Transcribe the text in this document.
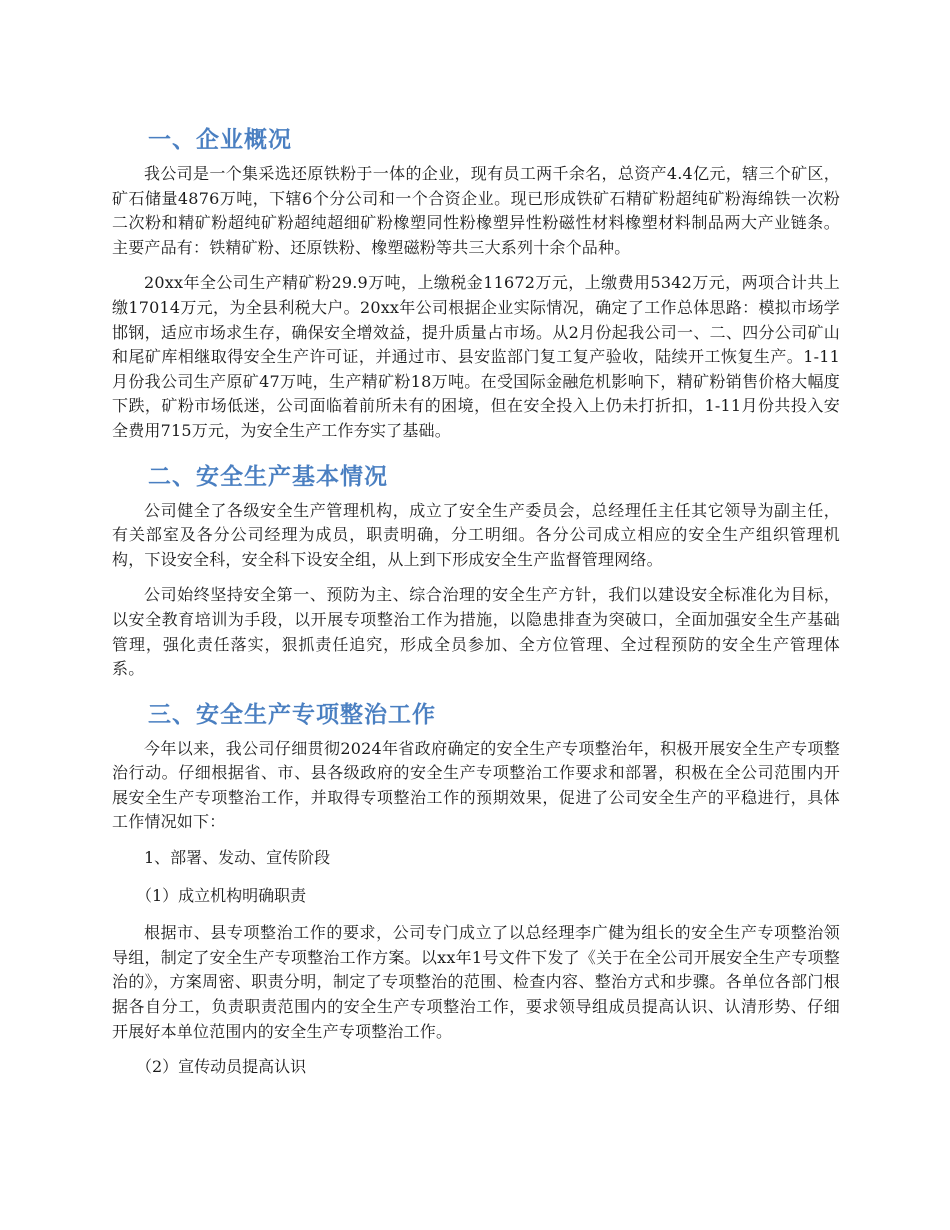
一、企业概况

我公司是一个集采选还原铁粉于一体的企业，现有员工两千余名，总资产4.4亿元，辖三个矿区，矿石储量4876万吨，下辖6个分公司和一个合资企业。现已形成铁矿石精矿粉超纯矿粉海绵铁一次粉二次粉和精矿粉超纯矿粉超纯超细矿粉橡塑同性粉橡塑异性粉磁性材料橡塑材料制品两大产业链条。主要产品有：铁精矿粉、还原铁粉、橡塑磁粉等共三大系列十余个品种。

20xx年全公司生产精矿粉29.9万吨，上缴税金11672万元，上缴费用5342万元，两项合计共上缴17014万元，为全县利税大户。20xx年公司根据企业实际情况，确定了工作总体思路：模拟市场学邯钢，适应市场求生存，确保安全增效益，提升质量占市场。从2月份起我公司一、二、四分公司矿山和尾矿库相继取得安全生产许可证，并通过市、县安监部门复工复产验收，陆续开工恢复生产。1-11月份我公司生产原矿47万吨，生产精矿粉18万吨。在受国际金融危机影响下，精矿粉销售价格大幅度下跌，矿粉市场低迷，公司面临着前所未有的困境，但在安全投入上仍未打折扣，1-11月份共投入安全费用715万元，为安全生产工作夯实了基础。

二、安全生产基本情况

公司健全了各级安全生产管理机构，成立了安全生产委员会，总经理任主任其它领导为副主任，有关部室及各分公司经理为成员，职责明确，分工明细。各分公司成立相应的安全生产组织管理机构，下设安全科，安全科下设安全组，从上到下形成安全生产监督管理网络。

公司始终坚持安全第一、预防为主、综合治理的安全生产方针，我们以建设安全标准化为目标，以安全教育培训为手段，以开展专项整治工作为措施，以隐患排查为突破口，全面加强安全生产基础管理，强化责任落实，狠抓责任追究，形成全员参加、全方位管理、全过程预防的安全生产管理体系。

三、安全生产专项整治工作

今年以来，我公司仔细贯彻2024年省政府确定的安全生产专项整治年，积极开展安全生产专项整治行动。仔细根据省、市、县各级政府的安全生产专项整治工作要求和部署，积极在全公司范围内开展安全生产专项整治工作，并取得专项整治工作的预期效果，促进了公司安全生产的平稳进行，具体工作情况如下：

1、部署、发动、宣传阶段

（1）成立机构明确职责

根据市、县专项整治工作的要求，公司专门成立了以总经理李广健为组长的安全生产专项整治领导组，制定了安全生产专项整治工作方案。以xx年1号文件下发了《关于在全公司开展安全生产专项整治的》，方案周密、职责分明，制定了专项整治的范围、检查内容、整治方式和步骤。各单位各部门根据各自分工，负责职责范围内的安全生产专项整治工作，要求领导组成员提高认识、认清形势、仔细开展好本单位范围内的安全生产专项整治工作。

（2）宣传动员提高认识
